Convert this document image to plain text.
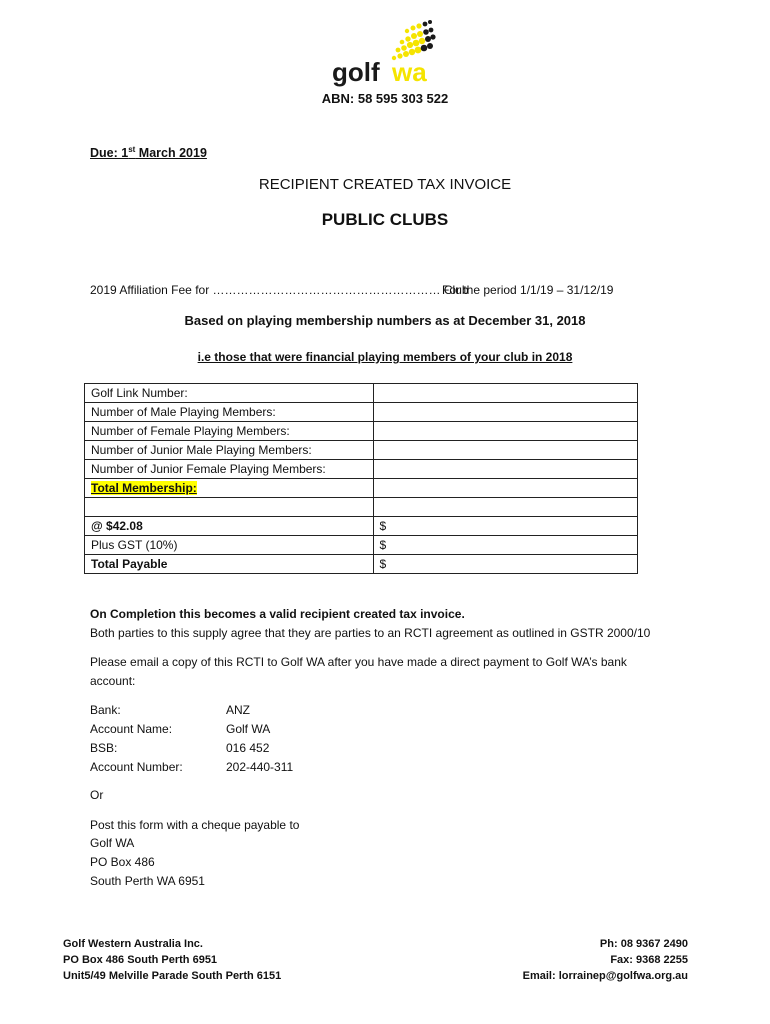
golf wa
ABN: 58 595 303 522
Due: 1st March 2019
RECIPIENT CREATED TAX INVOICE
PUBLIC CLUBS
2019 Affiliation Fee for ………………………………………………… Club
For the period 1/1/19 – 31/12/19
Based on playing membership numbers as at December 31, 2018
i.e those that were financial playing members of your club in 2018
Golf Link Number:	
Number of Male Playing Members:	
Number of Female Playing Members:	
Number of Junior Male Playing Members:	
Number of Junior Female Playing Members:	
Total Membership:	

@ $42.08	$
Plus GST (10%)	$
Total Payable	$
On Completion this becomes a valid recipient created tax invoice.
Both parties to this supply agree that they are parties to an RCTI agreement as outlined in GSTR 2000/10
Please email a copy of this RCTI to Golf WA after you have made a direct payment to Golf WA’s bank
account:
Bank:	ANZ
Account Name:	Golf WA
BSB:	016 452
Account Number:	202-440-311
Or
Post this form with a cheque payable to
Golf WA
PO Box 486
South Perth WA 6951
Golf Western Australia Inc.
PO Box 486 South Perth 6951
Unit5/49 Melville Parade South Perth 6151
Ph: 08 9367 2490
Fax: 9368 2255
Email: lorrainep@golfwa.org.au
